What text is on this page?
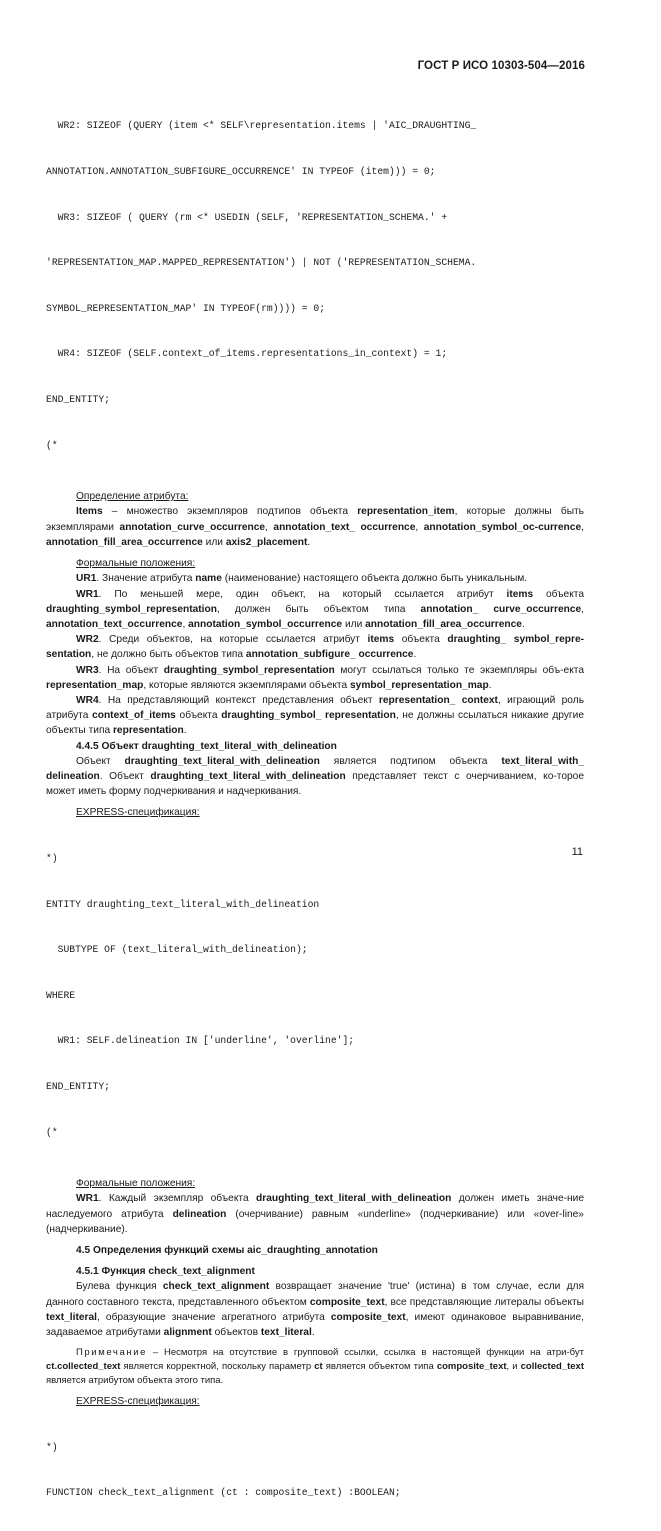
ГОСТ Р ИСО 10303-504—2016

WR2: SIZEOF (QUERY (item <* SELF\representation.items | 'AIC_DRAUGHTING_

ANNOTATION.ANNOTATION_SUBFIGURE_OCCURRENCE' IN TYPEOF (item))) = 0;

WR3: SIZEOF ( QUERY (rm <* USEDIN (SELF, 'REPRESENTATION_SCHEMA.' +

'REPRESENTATION_MAP.MAPPED_REPRESENTATION') | NOT ('REPRESENTATION_SCHEMA.

SYMBOL_REPRESENTATION_MAP' IN TYPEOF(rm)))) = 0;

WR4: SIZEOF (SELF.context_of_items.representations_in_context) = 1;

END_ENTITY;

(*

Определение атрибута:

Items – множество экземпляров подтипов объекта representation_item, которые должны быть экземплярами annotation_curve_occurrence, annotation_text_ occurrence, annotation_symbol_oc-currence, annotation_fill_area_occurrence или axis2_placement.

Формальные положения:

UR1. Значение атрибута name (наименование) настоящего объекта должно быть уникальным.

WR1. По меньшей мере, один объект, на который ссылается атрибут items объекта draughting_symbol_representation, должен быть объектом типа annotation_ curve_occurrence, annotation_text_occurrence, annotation_symbol_occurrence или annotation_fill_area_occurrence.

WR2. Среди объектов, на которые ссылается атрибут items объекта draughting_ symbol_repre-sentation, не должно быть объектов типа annotation_subfigure_ occurrence.

WR3. На объект draughting_symbol_representation могут ссылаться только те экземпляры объ-екта representation_map, которые являются экземплярами объекта symbol_representation_map.

WR4. На представляющий контекст представления объект representation_ context, играющий роль атрибута context_of_items объекта draughting_symbol_ representation, не должны ссылаться никакие другие объекты типа representation.

4.4.5 Объект draughting_text_literal_with_delineation

Объект draughting_text_literal_with_delineation является подтипом объекта text_literal_with_ delineation. Объект draughting_text_literal_with_delineation представляет текст с очерчиванием, ко-торое может иметь форму подчеркивания и надчеркивания.

EXPRESS-спецификация:

*)

ENTITY draughting_text_literal_with_delineation

SUBTYPE OF (text_literal_with_delineation);

WHERE

WR1: SELF.delineation IN ['underline', 'overline'];

END_ENTITY;

(*

Формальные положения:

WR1. Каждый экземпляр объекта draughting_text_literal_with_delineation должен иметь значе-ние наследуемого атрибута delineation (очерчивание) равным «underline» (подчеркивание) или «over-line» (надчеркивание).

4.5 Определения функций схемы aic_draughting_annotation

4.5.1 Функция check_text_alignment

Булева функция check_text_alignment возвращает значение 'true' (истина) в том случае, если для данного составного текста, представленного объектом composite_text, все представляющие литералы объекты text_literal, образующие значение агрегатного атрибута composite_text, имеют одинаковое выравнивание, задаваемое атрибутами alignment объектов text_literal.

Примечание – Несмотря на отсутствие в групповой ссылки, ссылка в настоящей функции на атри-бут ct.collected_text является корректной, поскольку параметр ct является объектом типа composite_text, и collected_text является атрибутом объекта этого типа.

EXPRESS-спецификация:

*)

FUNCTION check_text_alignment (ct : composite_text) :BOOLEAN;

11
